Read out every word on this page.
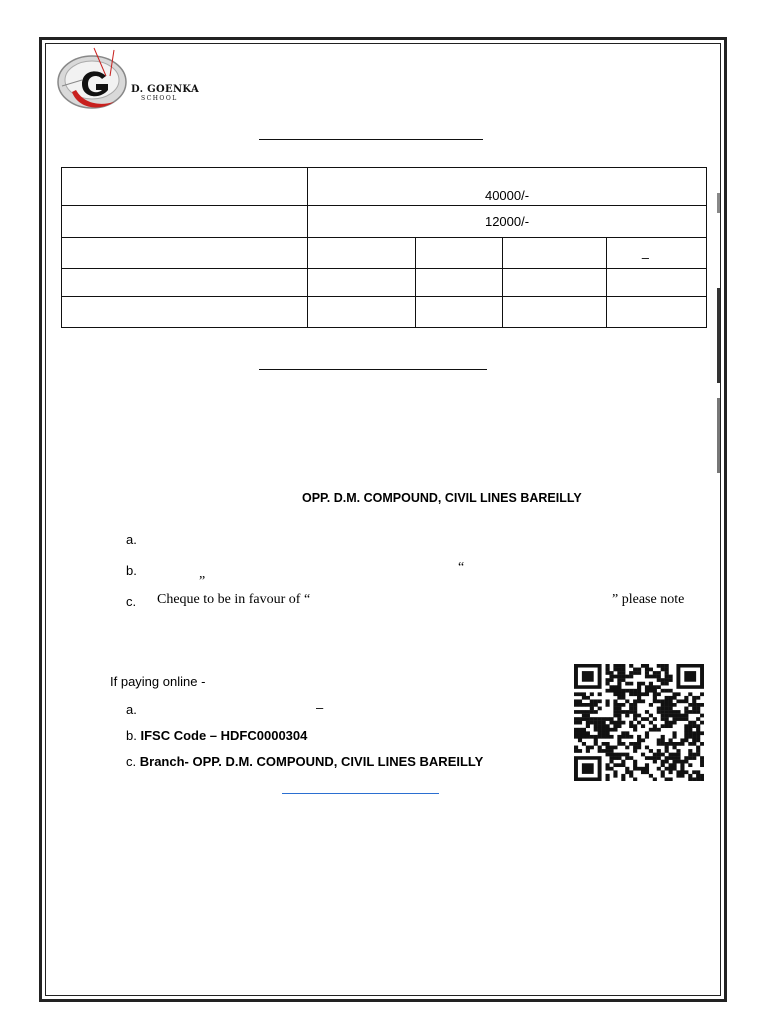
D. GOENKA
SCHOOL
	40000/-			
	12000/-			
				–

OPP. D.M. COMPOUND, CIVIL LINES BAREILLY
a.
b.	“
”
c. Cheque to be in favour of “	” please note
If paying online -
a.	–
b. IFSC Code – HDFC0000304
c. Branch- OPP. D.M. COMPOUND, CIVIL LINES BAREILLY
